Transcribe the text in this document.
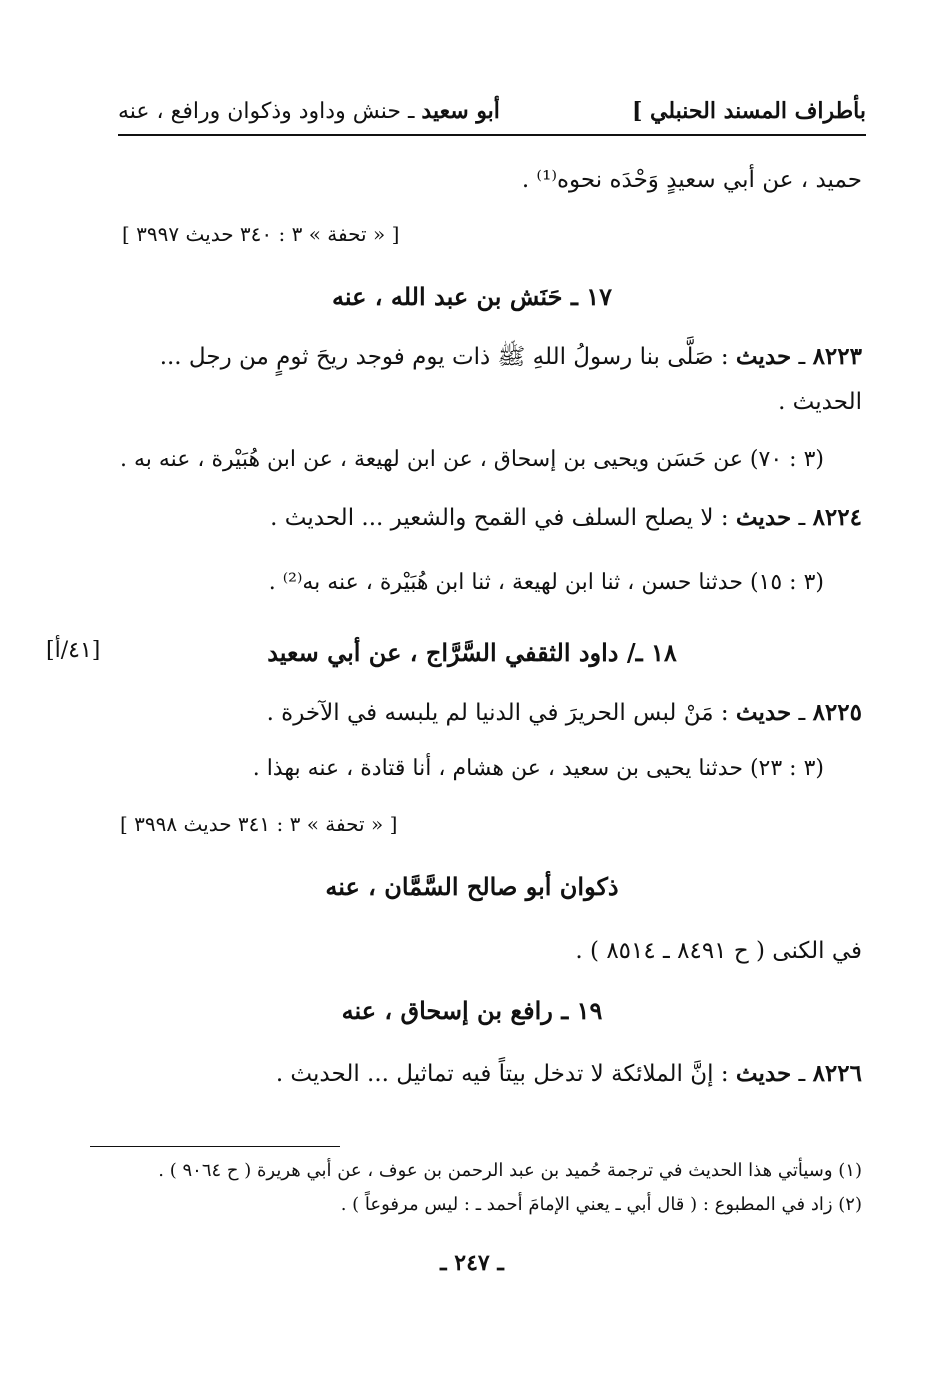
بأطراف المسند الحنبلي ]
أبو سعيد ـ حنش وداود وذكوان ورافع ، عنه
حميد ، عن أبي سعيدٍ وَحْدَه نحوه⁽¹⁾ .
[ « تحفة » ٣ : ٣٤٠ حديث ٣٩٩٧ ]
١٧ ـ حَنَش بن عبد الله ، عنه
٨٢٢٣ ـ حديث : صَلَّى بنا رسولُ اللهِ ﷺ ذات يوم فوجد ريحَ ثومٍ من رجل ...
الحديث .
(٣ : ٧٠) عن حَسَن ويحيى بن إسحاق ، عن ابن لهيعة ، عن ابن هُبَيْرة ، عنه به .
٨٢٢٤ ـ حديث : لا يصلح السلف في القمح والشعير ... الحديث .
(٣ : ١٥) حدثنا حسن ، ثنا ابن لهيعة ، ثنا ابن هُبَيْرة ، عنه به⁽²⁾ .
١٨ ـ/ داود الثقفي السَّرَّاج ، عن أبي سعيد
[٤١/أ]
٨٢٢٥ ـ حديث : مَنْ لبس الحريرَ في الدنيا لم يلبسه في الآخرة .
(٣ : ٢٣) حدثنا يحيى بن سعيد ، عن هشام ، أنا قتادة ، عنه بهذا .
[ « تحفة » ٣ : ٣٤١ حديث ٣٩٩٨ ]
ذكوان أبو صالح السَّمَّان ، عنه
في الكنى ( ح ٨٤٩١ ـ ٨٥١٤ ) .
١٩ ـ رافع بن إسحاق ، عنه
٨٢٢٦ ـ حديث : إنَّ الملائكة لا تدخل بيتاً فيه تماثيل ... الحديث .
(١) وسيأتي هذا الحديث في ترجمة حُميد بن عبد الرحمن بن عوف ، عن أبي هريرة ( ح ٩٠٦٤ ) .
(٢) زاد في المطبوع : ( قال أبي ـ يعني الإمامَ أحمد ـ : ليس مرفوعاً ) .
ـ ٢٤٧ ـ
